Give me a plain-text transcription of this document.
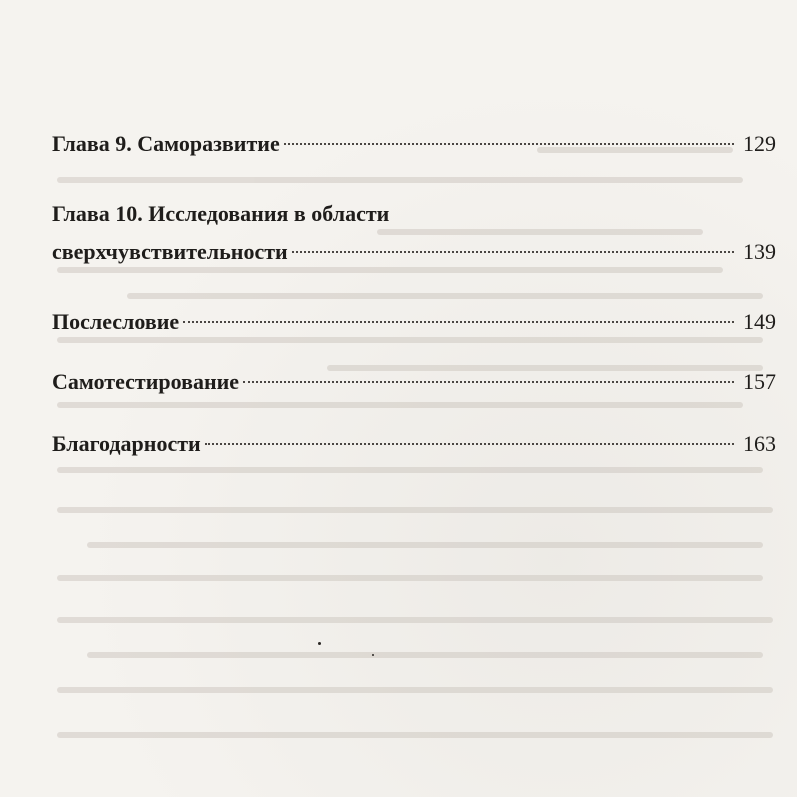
Глава 9.
Саморазвитие	129
Глава 10.
Исследования в области
сверхчувствительности	139
Послесловие	149
Самотестирование	157
Благодарности	163
